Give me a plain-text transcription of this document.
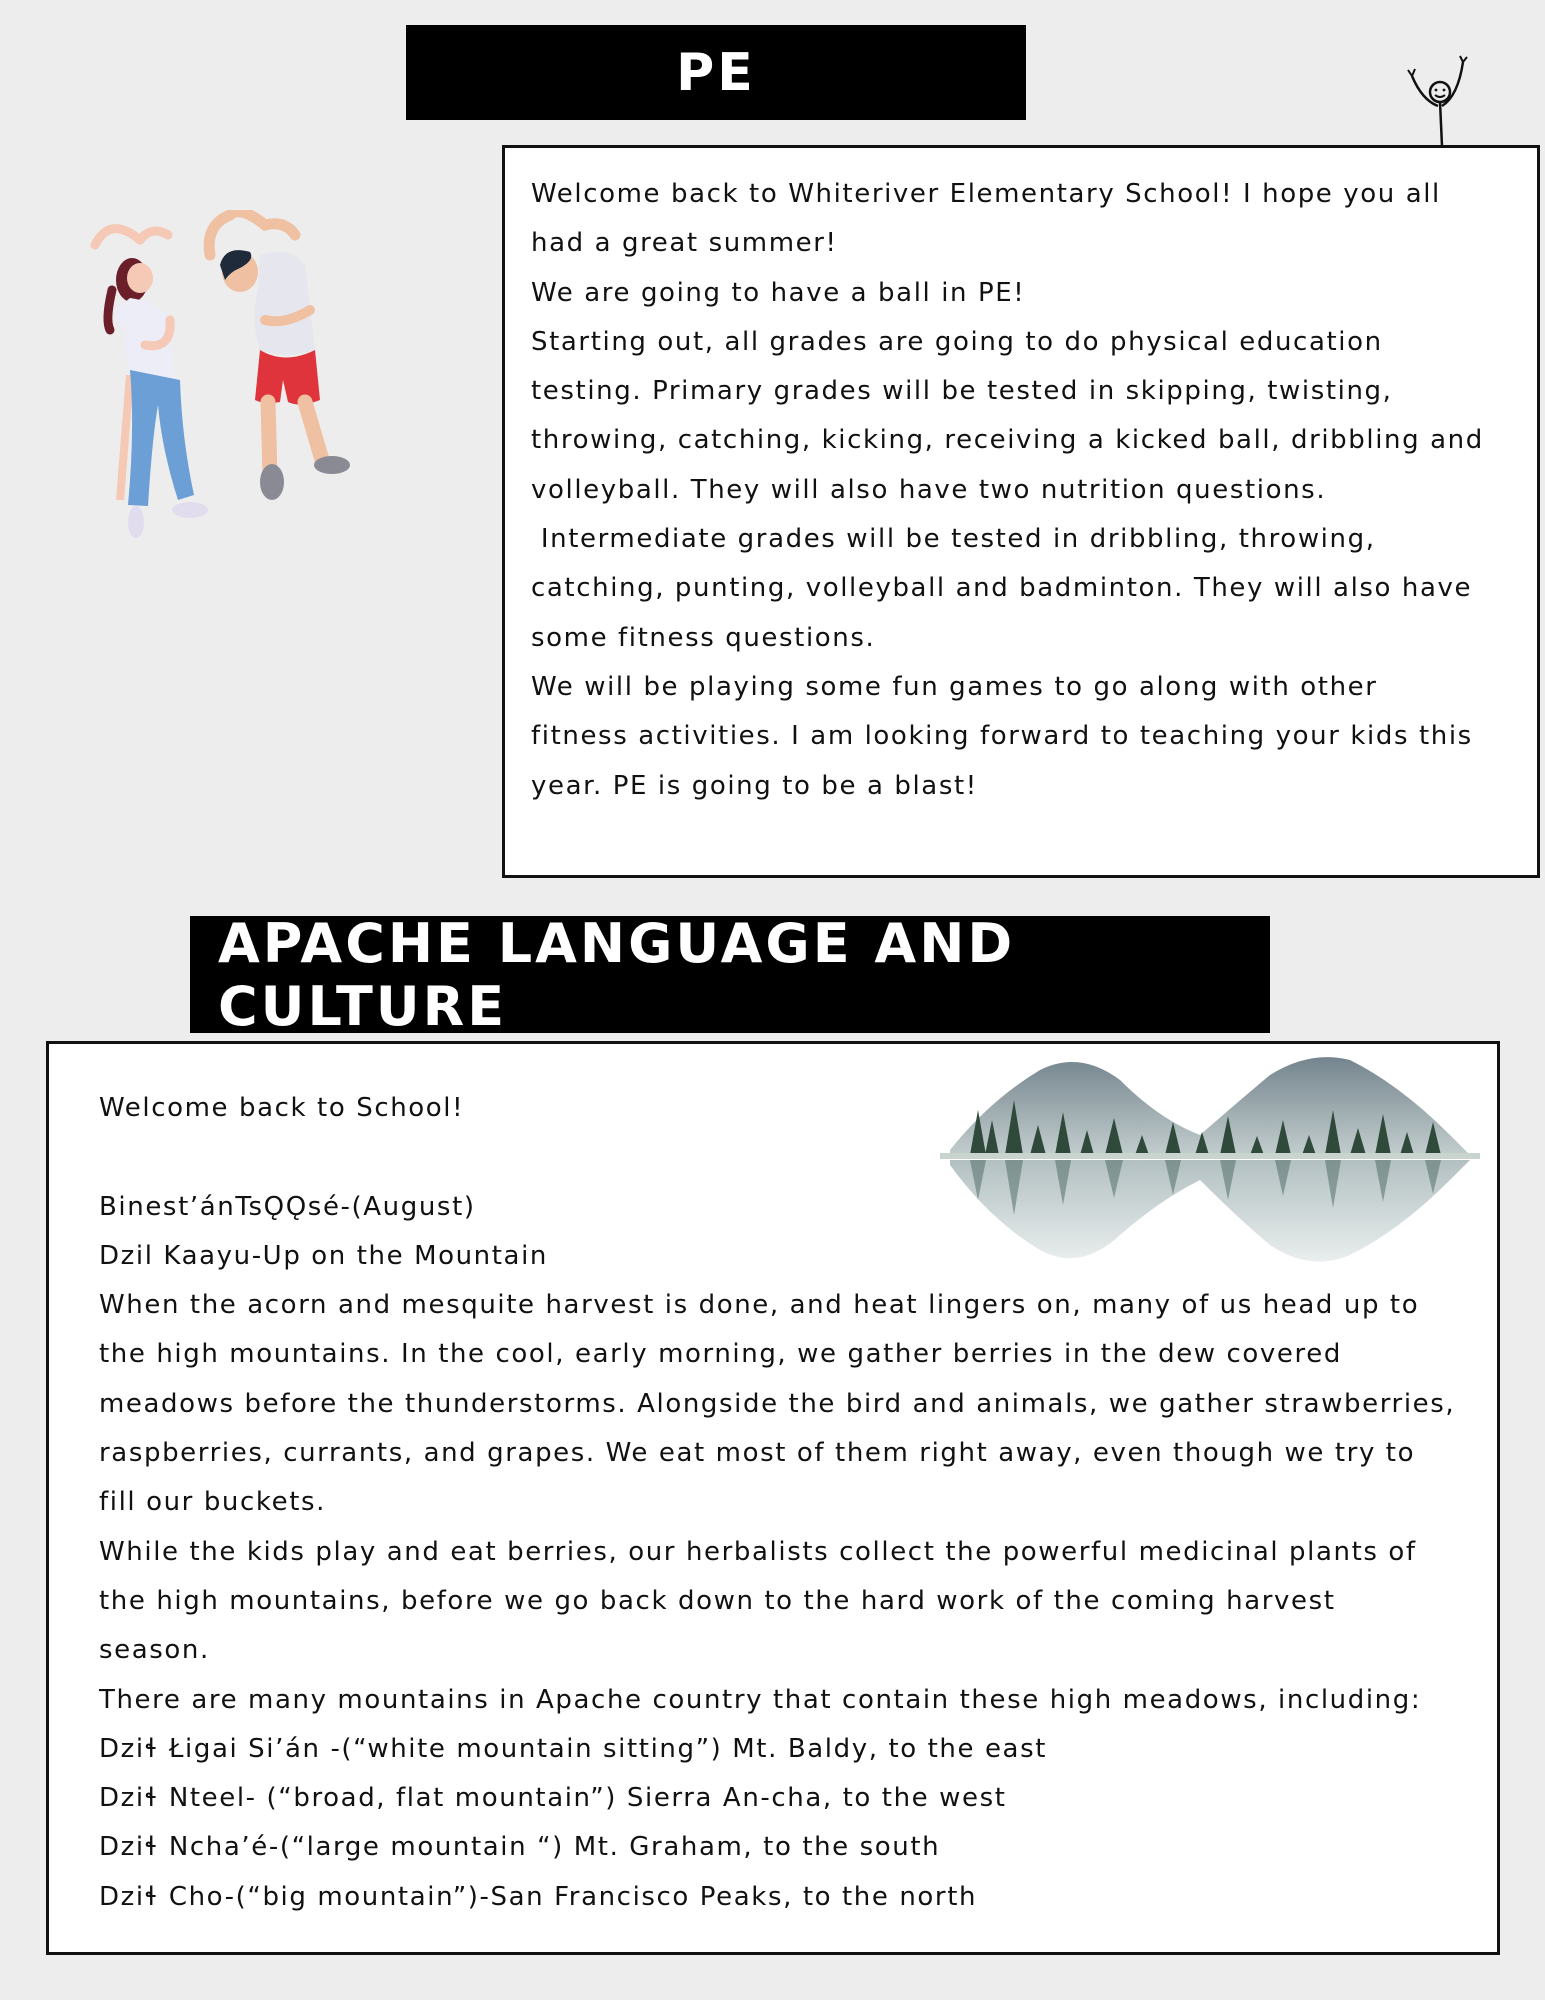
PE
Welcome back to Whiteriver Elementary School! I hope you all
had a great summer!
We are going to have a ball in PE!
Starting out, all grades are going to do physical education
testing. Primary grades will be tested in skipping, twisting,
throwing, catching, kicking, receiving a kicked ball, dribbling and
volleyball. They will also have two nutrition questions.
Intermediate grades will be tested in dribbling, throwing,
catching, punting, volleyball and badminton. They will also have
some fitness questions.
We will be playing some fun games to go along with other
fitness activities. I am looking forward to teaching your kids this
year. PE is going to be a blast!
APACHE LANGUAGE AND CULTURE
Welcome back to School!
Binest’ánTsǪǪsé-(August)
Dzil Kaayu-Up on the Mountain
When the acorn and mesquite harvest is done, and heat lingers on, many of us head up to
the high mountains. In the cool, early morning, we gather berries in the dew covered
meadows before the thunderstorms. Alongside the bird and animals, we gather strawberries,
raspberries, currants, and grapes. We eat most of them right away, even though we try to
fill our buckets.
While the kids play and eat berries, our herbalists collect the powerful medicinal plants of
the high mountains, before we go back down to the hard work of the coming harvest
season.
There are many mountains in Apache country that contain these high meadows, including:
Dziɬ Łigai Si’án -(“white mountain sitting”) Mt. Baldy, to the east
Dziɬ Nteel- (“broad, flat mountain”) Sierra An-cha, to the west
Dziɬ Ncha’é-(“large mountain “) Mt. Graham, to the south
Dziɬ Cho-(“big mountain”)-San Francisco Peaks, to the north
